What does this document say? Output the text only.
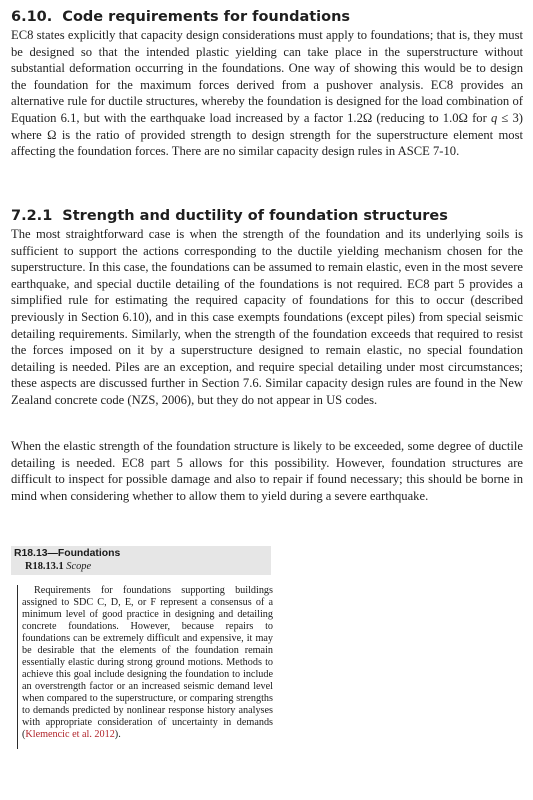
6.10. Code requirements for foundations

EC8 states explicitly that capacity design considerations must apply to foundations; that is, they must be designed so that the intended plastic yielding can take place in the superstructure without substantial deformation occurring in the foundations. One way of showing this would be to design the foundation for the maximum forces derived from a pushover analysis. EC8 provides an alternative rule for ductile structures, whereby the foundation is designed for the load combination of Equation 6.1, but with the earthquake load increased by a factor 1.2Ω (reducing to 1.0Ω for q ≤ 3) where Ω is the ratio of provided strength to design strength for the superstructure element most affecting the foundation forces. There are no similar capacity design rules in ASCE 7-10.

7.2.1 Strength and ductility of foundation structures

The most straightforward case is when the strength of the foundation and its underlying soils is sufficient to support the actions corresponding to the ductile yielding mechanism chosen for the superstructure. In this case, the foundations can be assumed to remain elastic, even in the most severe earthquake, and special ductile detailing of the foundations is not required. EC8 part 5 provides a simplified rule for estimating the required capacity of foundations for this to occur (described previously in Section 6.10), and in this case exempts foundations (except piles) from special seismic detailing requirements. Similarly, when the strength of the foundation exceeds that required to resist the forces imposed on it by a superstructure designed to remain elastic, no special foundation detailing is needed. Piles are an exception, and require special detailing under most circumstances; these aspects are discussed further in Section 7.6. Similar capacity design rules are found in the New Zealand concrete code (NZS, 2006), but they do not appear in US codes.

When the elastic strength of the foundation structure is likely to be exceeded, some degree of ductile detailing is needed. EC8 part 5 allows for this possibility. However, foundation structures are difficult to inspect for possible damage and also to repair if found necessary; this should be borne in mind when considering whether to allow them to yield during a severe earthquake.

R18.13—Foundations

R18.13.1 Scope

Requirements for foundations supporting buildings assigned to SDC C, D, E, or F represent a consensus of a minimum level of good practice in designing and detailing concrete foundations. However, because repairs to foundations can be extremely difficult and expensive, it may be desirable that the elements of the foundation remain essentially elastic during strong ground motions. Methods to achieve this goal include designing the foundation to include an overstrength factor or an increased seismic demand level when compared to the superstructure, or comparing strengths to demands predicted by nonlinear response history analyses with appropriate consideration of uncertainty in demands (Klemencic et al. 2012).
